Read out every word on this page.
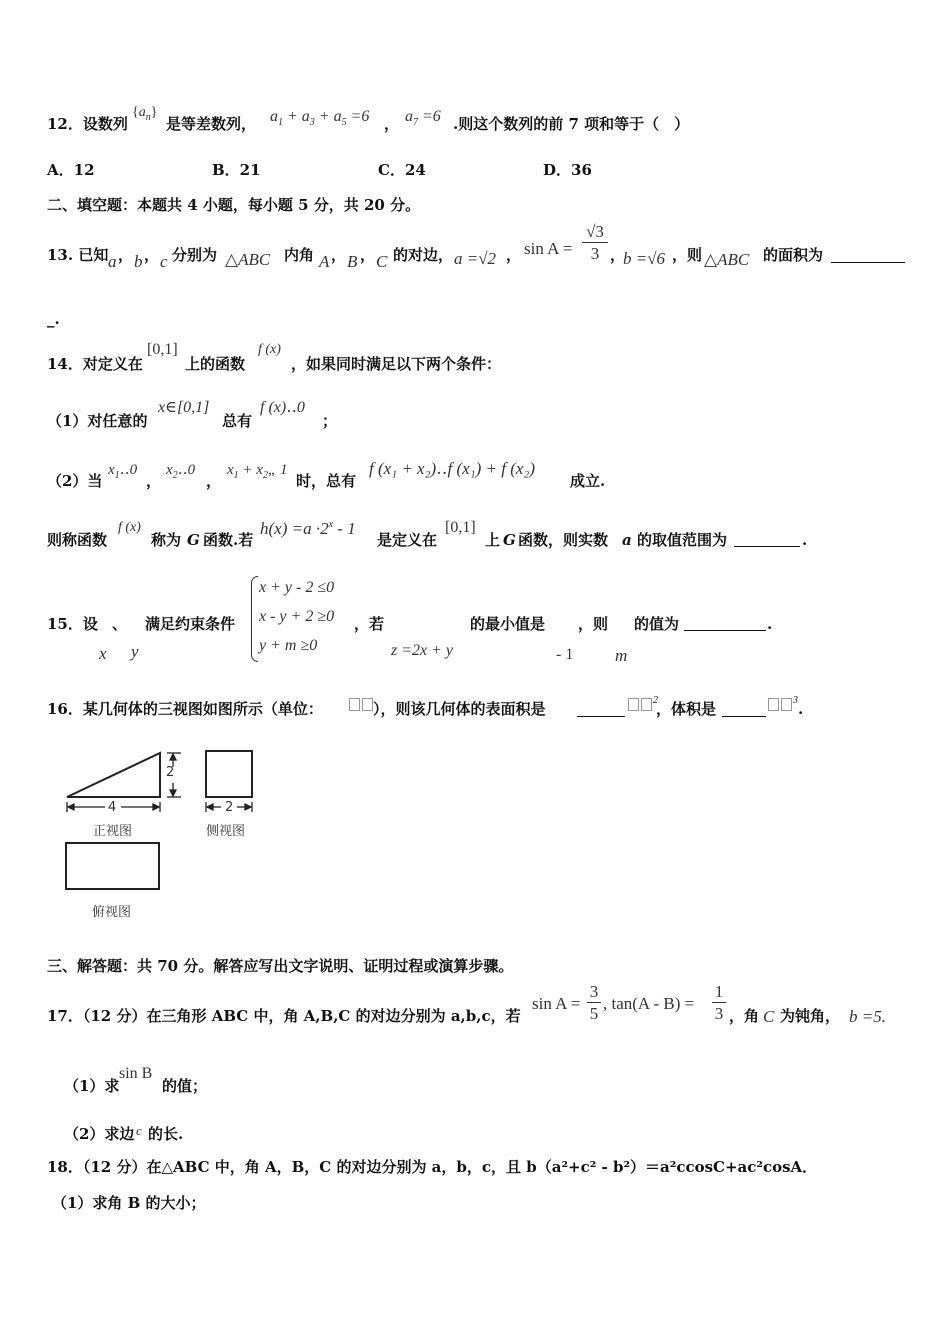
12．设数列
$\{a_n\}$
是等差数列， $a_1 + a_3 + a_5 =6$ ， $a_7 =6$ .则这个数列的前 7 项和等于（　）
A．12	B．21	C．24	D．36
二、填空题：本题共 4 小题，每小题 5 分，共 20 分。
13. 已知 a ， b ， c 分别为 △ABC 内角 A ， B ， C 的对边， a =√2 ， sin A =
√3
3 ，
b =√6 ，则 △ABC 的面积为
_.
14．对定义在
[0,1]
上的函数
f (x)
，如果同时满足以下两个条件：
（1）对任意的
x∈[0,1]
总有
f (x)‥0
；
（2）当
$x_1‥0$
，
$x_2‥0$
，
$x_1$ + $x_2„$ 1
时，总有
f (x₁ + x₂)‥f (x₁) + f (x₂)
成立.
则称函数
f (x)
称为 G 函数.若
$h(x) =a \cdot 2^x - 1$
是定义在
[0,1]
上 G 函数，则实数 a 的取值范围为	.
15．设 、 满足约束条件
x y
x + y - 2 ≤0
x - y + 2 ≥0
y + m ≥0
，若
z =2x + y
的最小值是 ，则
- 1 m
的值为	.
16．某几何体的三视图如图所示（单位：	），则该几何体的表面积是	$^2$
，体积是	$^3$ .
2
4	2
正视图	侧视图
俯视图
三、解答题：共 70 分。解答应写出文字说明、证明过程或演算步骤。
17．（12 分）在三角形 ABC 中，角 A,B,C 的对边分别为 a,b,c，若
sin A =
3
5
, tan(A - B) =
1
3 ，角 C 为钝角， b =5.
（1）求
sin B
的值；
（2）求边 c 的长.
18．（12 分）在△ABC 中，角 A，B，C 的对边分别为 a，b，c，且 b（a²+c² - b²）＝a²ccosC+ac²cosA．
（1）求角 B 的大小；
